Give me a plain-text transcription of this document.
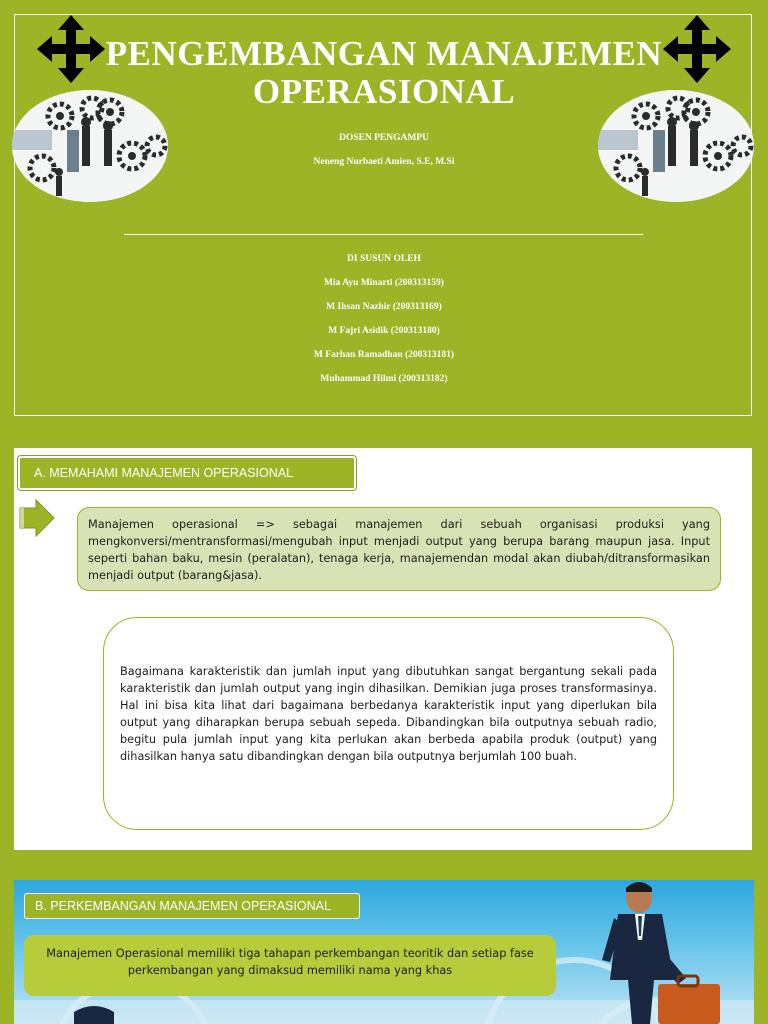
PENGEMBANGAN MANAJEMEN
OPERASIONAL
DOSEN PENGAMPU
Neneng Nurbaeti Amien, S.E, M.Si
DI SUSUN OLEH
Mia Ayu Minarti (200313159)
M Ihsan Nazhir (200313169)
M Fajri Asidik (200313180)
M Farhan Ramadhan (200313181)
Muhammad Hilmi (200313182)
A. MEMAHAMI MANAJEMEN OPERASIONAL
Manajemen operasional => sebagai manajemen dari sebuah organisasi produksi yang mengkonversi/mentransformasi/mengubah input menjadi output yang berupa barang maupun jasa. Input seperti bahan baku, mesin (peralatan), tenaga kerja, manajemendan modal akan diubah/ditransformasikan menjadi output (barang&jasa).
Bagaimana karakteristik dan jumlah input yang dibutuhkan sangat bergantung sekali pada karakteristik dan jumlah output yang ingin dihasilkan. Demikian juga proses transformasinya. Hal ini bisa kita lihat dari bagaimana berbedanya karakteristik input yang diperlukan bila output yang diharapkan berupa sebuah sepeda. Dibandingkan bila outputnya sebuah radio, begitu pula jumlah input yang kita perlukan akan berbeda apabila produk (output) yang dihasilkan hanya satu dibandingkan dengan bila outputnya berjumlah 100 buah.
B. PERKEMBANGAN MANAJEMEN OPERASIONAL
Manajemen Operasional memiliki tiga tahapan perkembangan teoritik dan setiap fase perkembangan yang dimaksud memiliki nama yang khas
